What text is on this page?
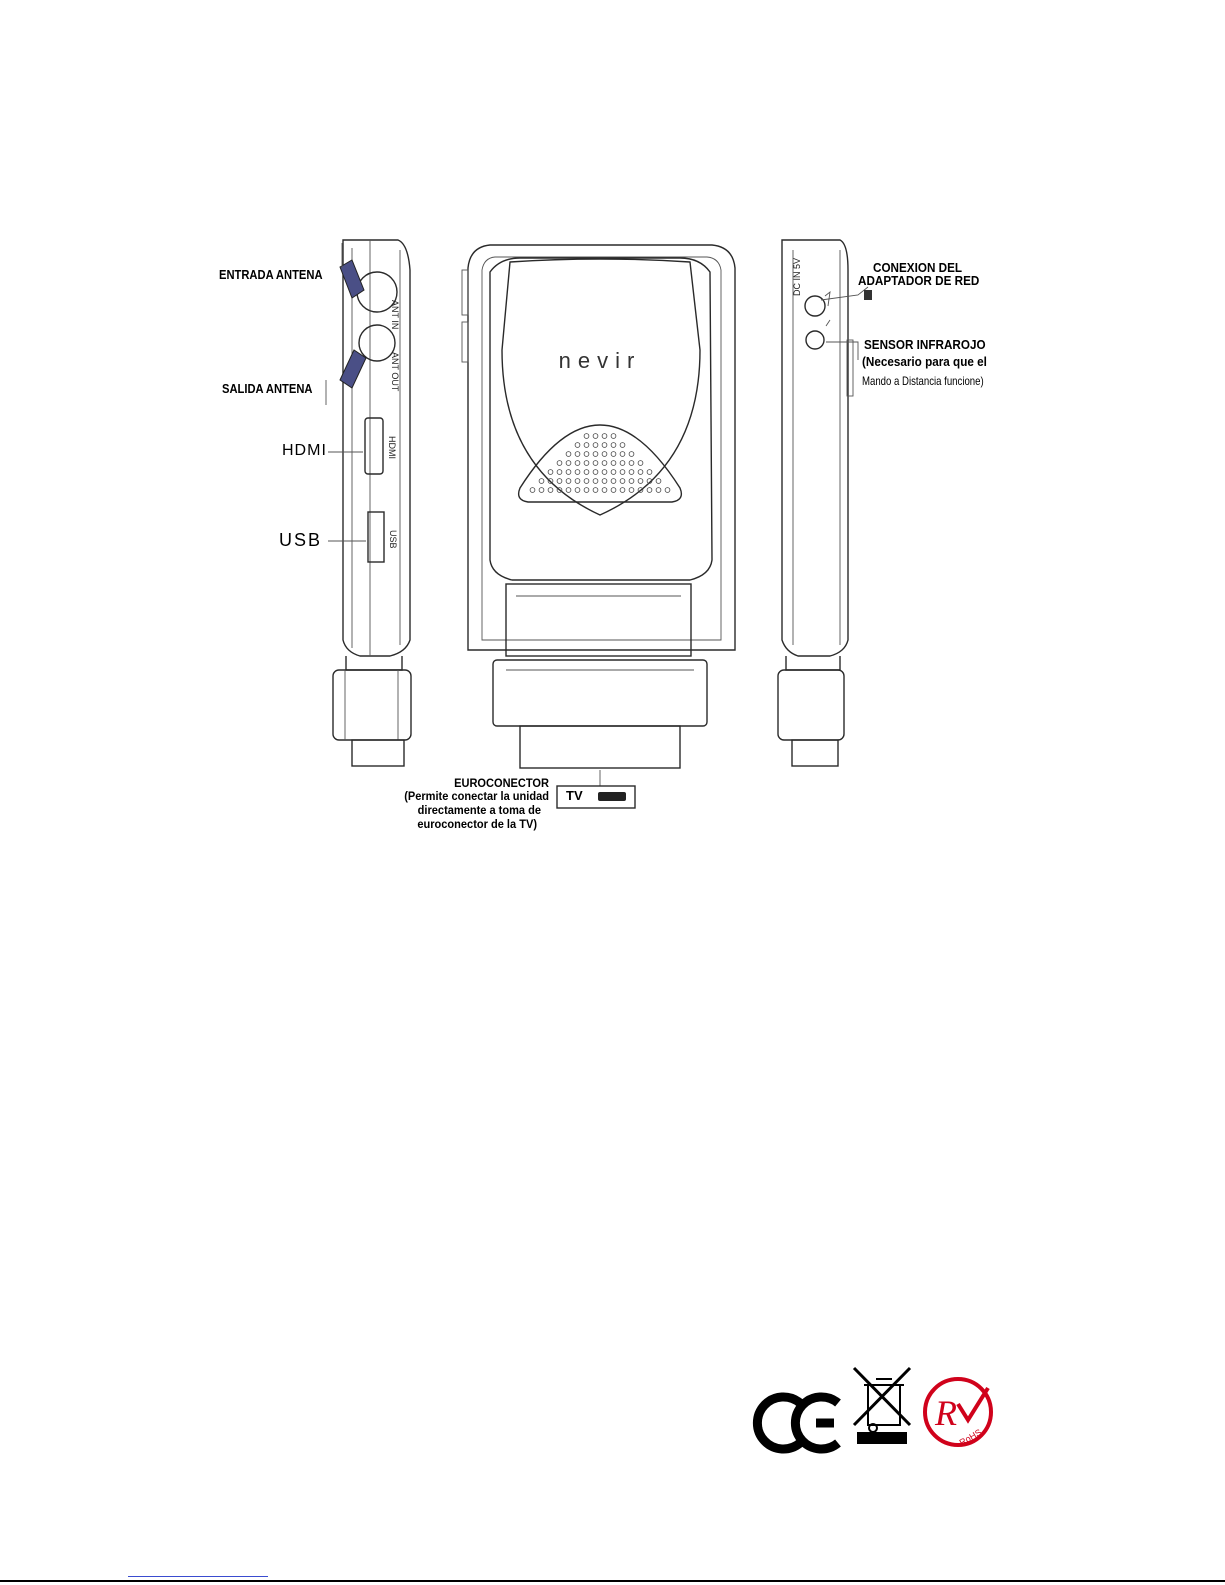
ANT IN
ANT OUT
HDMI
USB
nevir
DC IN 5V
R
RoHS
ENTRADA ANTENA
SALIDA ANTENA
HDMI
USB
CONEXION DEL
ADAPTADOR DE RED
SENSOR INFRAROJO
(Necesario para que el
Mando a Distancia funcione)
EUROCONECTOR
(Permite conectar la unidad
directamente a toma de
euroconector de la TV)
TV
